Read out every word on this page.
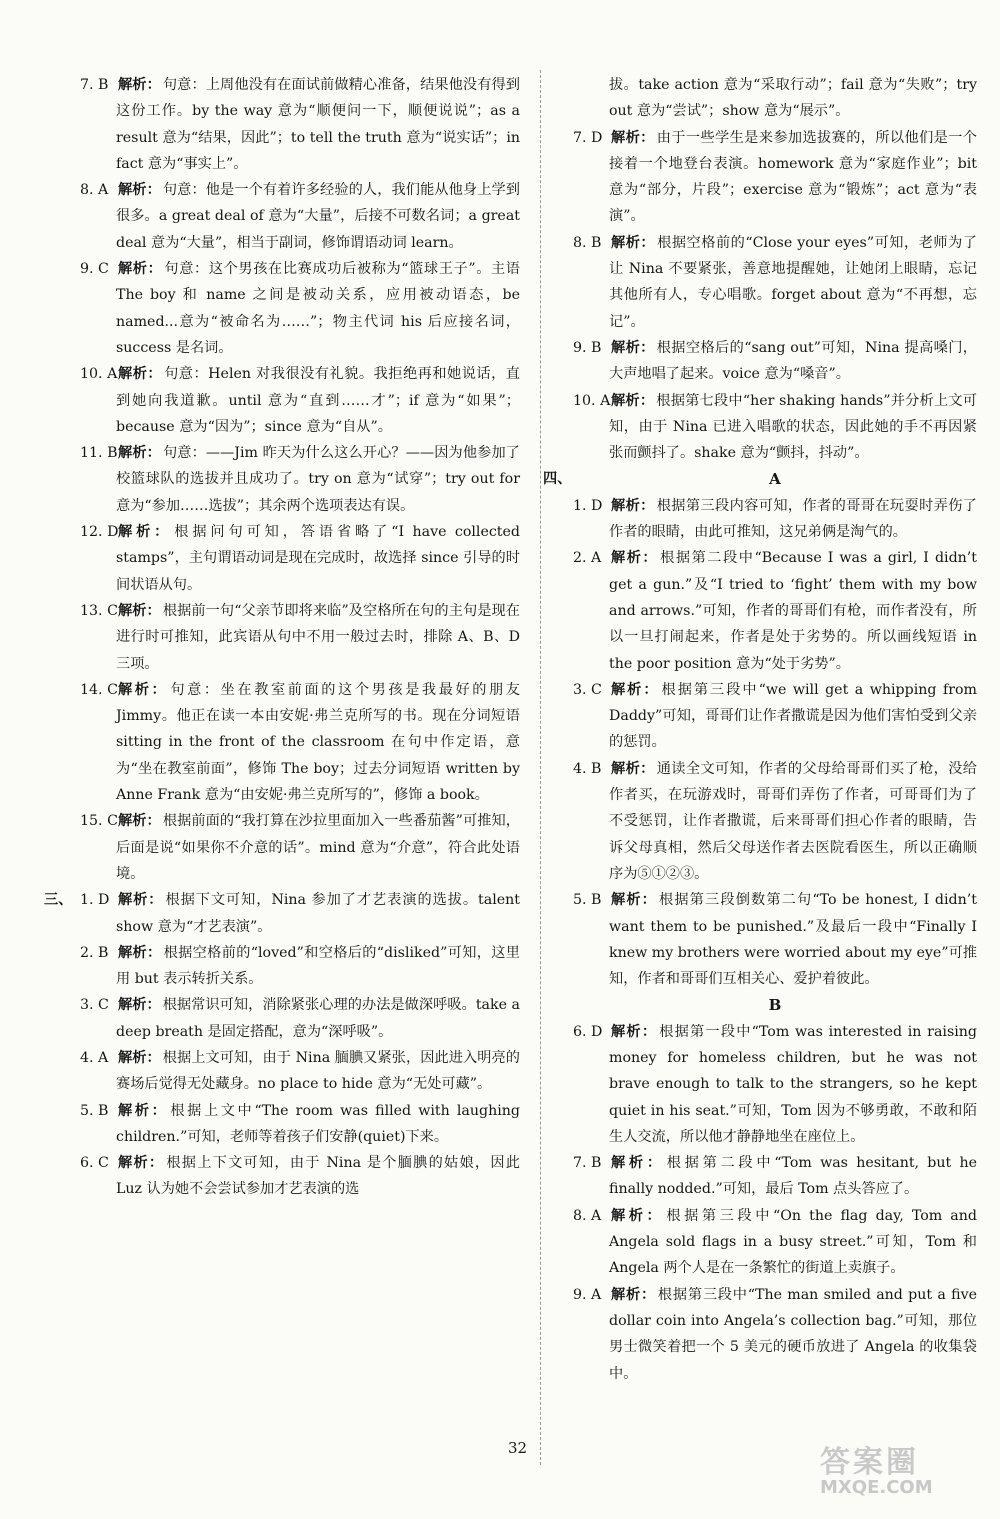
7. B 解析： 句意：上周他没有在面试前做精心准备，结果他没有得到这份工作。by the way 意为“顺便问一下，顺便说说”；as a result 意为“结果，因此”；to tell the truth 意为“说实话”；in fact 意为“事实上”。

8. A 解析： 句意：他是一个有着许多经验的人，我们能从他身上学到很多。a great deal of 意为“大量”，后接不可数名词；a great deal 意为“大量”，相当于副词，修饰谓语动词 learn。

9. C 解析： 句意：这个男孩在比赛成功后被称为“篮球王子”。主语 The boy 和 name 之间是被动关系，应用被动语态，be named...意为“被命名为……”；物主代词 his 后应接名词，success 是名词。

10. A 解析： 句意：Helen 对我很没有礼貌。我拒绝再和她说话，直到她向我道歉。until 意为“直到……才”；if 意为“如果”；because 意为“因为”；since 意为“自从”。

11. B 解析： 句意：——Jim 昨天为什么这么开心？——因为他参加了校篮球队的选拔并且成功了。try on 意为“试穿”；try out for 意为“参加……选拔”；其余两个选项表达有误。

12. D 解析： 根据问句可知，答语省略了“I have collected stamps”，主句谓语动词是现在完成时，故选择 since 引导的时间状语从句。

13. C 解析： 根据前一句“父亲节即将来临”及空格所在句的主句是现在进行时可推知，此宾语从句中不用一般过去时，排除 A、B、D 三项。

14. C 解析： 句意：坐在教室前面的这个男孩是我最好的朋友 Jimmy。他正在读一本由安妮·弗兰克所写的书。现在分词短语 sitting in the front of the classroom 在句中作定语，意为“坐在教室前面”，修饰 The boy；过去分词短语 written by Anne Frank 意为“由安妮·弗兰克所写的”，修饰 a book。

15. C 解析： 根据前面的“我打算在沙拉里面加入一些番茄酱”可推知，后面是说“如果你不介意的话”。mind 意为“介意”，符合此处语境。

1. D 解析： 根据下文可知，Nina 参加了才艺表演的选拔。talent show 意为“才艺表演”。
三、

2. B 解析： 根据空格前的“loved”和空格后的“disliked”可知，这里用 but 表示转折关系。

3. C 解析： 根据常识可知，消除紧张心理的办法是做深呼吸。take a deep breath 是固定搭配，意为“深呼吸”。

4. A 解析： 根据上文可知，由于 Nina 腼腆又紧张，因此进入明亮的赛场后觉得无处藏身。no place to hide 意为“无处可藏”。

5. B 解析： 根据上文中“The room was filled with laughing children.”可知，老师等着孩子们安静(quiet)下来。

6. C 解析： 根据上下文可知，由于 Nina 是个腼腆的姑娘，因此 Luz 认为她不会尝试参加才艺表演的选

拔。take action 意为“采取行动”；fail 意为“失败”；try out 意为“尝试”；show 意为“展示”。

7. D 解析： 由于一些学生是来参加选拔赛的，所以他们是一个接着一个地登台表演。homework 意为“家庭作业”；bit 意为“部分，片段”；exercise 意为“锻炼”；act 意为“表演”。

8. B 解析： 根据空格前的“Close your eyes”可知，老师为了让 Nina 不要紧张，善意地提醒她，让她闭上眼睛，忘记其他所有人，专心唱歌。forget about 意为“不再想，忘记”。

9. B 解析： 根据空格后的“sang out”可知，Nina 提高嗓门，大声地唱了起来。voice 意为“嗓音”。

10. A 解析： 根据第七段中“her shaking hands”并分析上文可知，由于 Nina 已进入唱歌的状态，因此她的手不再因紧张而颤抖了。shake 意为“颤抖，抖动”。

四、	A

1. D 解析： 根据第三段内容可知，作者的哥哥在玩耍时弄伤了作者的眼睛，由此可推知，这兄弟俩是淘气的。

2. A 解析： 根据第二段中“Because I was a girl, I didn’t get a gun.”及“I tried to ‘fight’ them with my bow and arrows.”可知，作者的哥哥们有枪，而作者没有，所以一旦打闹起来，作者是处于劣势的。所以画线短语 in the poor position 意为“处于劣势”。

3. C 解析： 根据第三段中“we will get a whipping from Daddy”可知，哥哥们让作者撒谎是因为他们害怕受到父亲的惩罚。

4. B 解析： 通读全文可知，作者的父母给哥哥们买了枪，没给作者买，在玩游戏时，哥哥们弄伤了作者，可哥哥们为了不受惩罚，让作者撒谎，后来哥哥们担心作者的眼睛，告诉父母真相，然后父母送作者去医院看医生，所以正确顺序为⑤①②③。

5. B 解析： 根据第三段倒数第二句“To be honest, I didn’t want them to be punished.”及最后一段中“Finally I knew my brothers were worried about my eye”可推知，作者和哥哥们互相关心、爱护着彼此。

B

6. D 解析： 根据第一段中“Tom was interested in raising money for homeless children, but he was not brave enough to talk to the strangers, so he kept quiet in his seat.”可知，Tom 因为不够勇敢，不敢和陌生人交流，所以他才静静地坐在座位上。

7. B 解析： 根据第二段中“Tom was hesitant, but he finally nodded.”可知，最后 Tom 点头答应了。

8. A 解析： 根据第三段中“On the flag day, Tom and Angela sold flags in a busy street.”可知，Tom 和 Angela 两个人是在一条繁忙的街道上卖旗子。

9. A 解析： 根据第三段中“The man smiled and put a five dollar coin into Angela’s collection bag.”可知，那位男士微笑着把一个 5 美元的硬币放进了 Angela 的收集袋中。

32	答案圈
MXQE.COM
